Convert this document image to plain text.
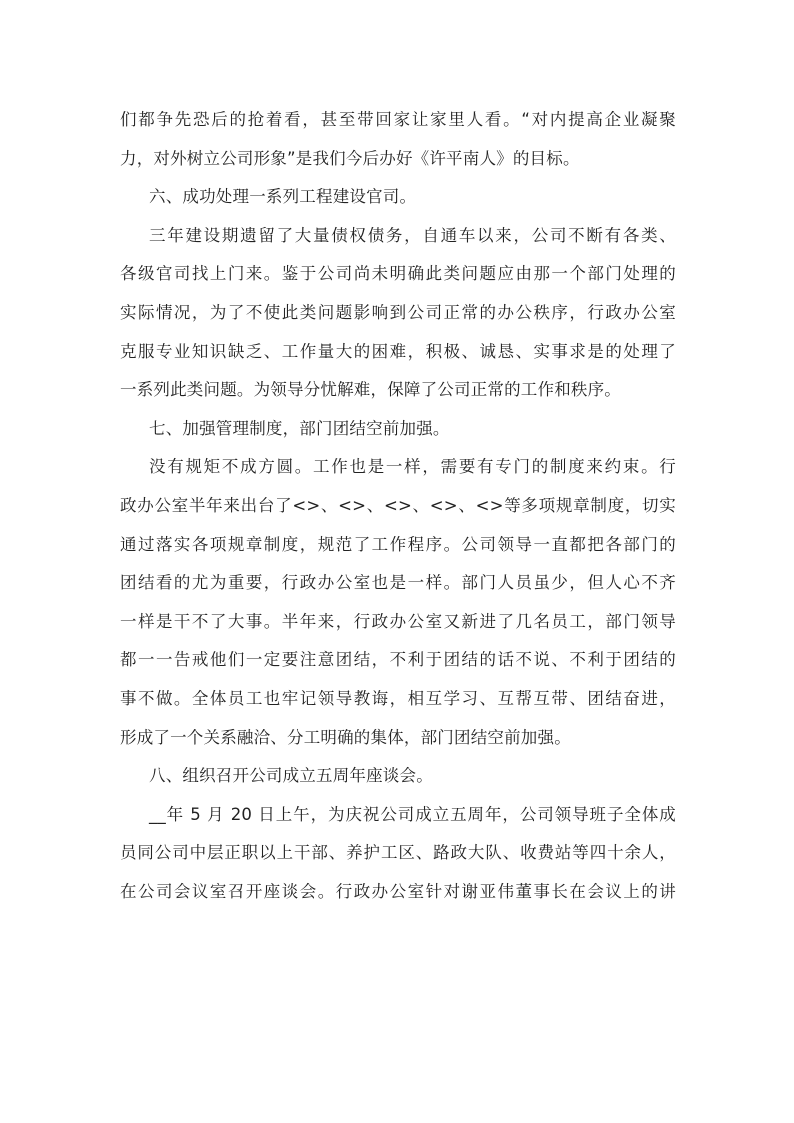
们都争先恐后的抢着看，甚至带回家让家里人看。“对内提高企业凝聚
力，对外树立公司形象”是我们今后办好《许平南人》的目标。
六、成功处理一系列工程建设官司。
三年建设期遗留了大量债权债务，自通车以来，公司不断有各类、
各级官司找上门来。鉴于公司尚未明确此类问题应由那一个部门处理的
实际情况，为了不使此类问题影响到公司正常的办公秩序，行政办公室
克服专业知识缺乏、工作量大的困难，积极、诚恳、实事求是的处理了
一系列此类问题。为领导分忧解难，保障了公司正常的工作和秩序。
七、加强管理制度，部门团结空前加强。
没有规矩不成方圆。工作也是一样，需要有专门的制度来约束。行
政办公室半年来出台了<>、<>、<>、<>、<>等多项规章制度，切实
通过落实各项规章制度，规范了工作程序。公司领导一直都把各部门的
团结看的尤为重要，行政办公室也是一样。部门人员虽少，但人心不齐
一样是干不了大事。半年来，行政办公室又新进了几名员工，部门领导
都一一告戒他们一定要注意团结，不利于团结的话不说、不利于团结的
事不做。全体员工也牢记领导教诲，相互学习、互帮互带、团结奋进，
形成了一个关系融洽、分工明确的集体，部门团结空前加强。
八、组织召开公司成立五周年座谈会。
__年 5 月 20 日上午，为庆祝公司成立五周年，公司领导班子全体成
员同公司中层正职以上干部、养护工区、路政大队、收费站等四十余人，
在公司会议室召开座谈会。行政办公室针对谢亚伟董事长在会议上的讲
